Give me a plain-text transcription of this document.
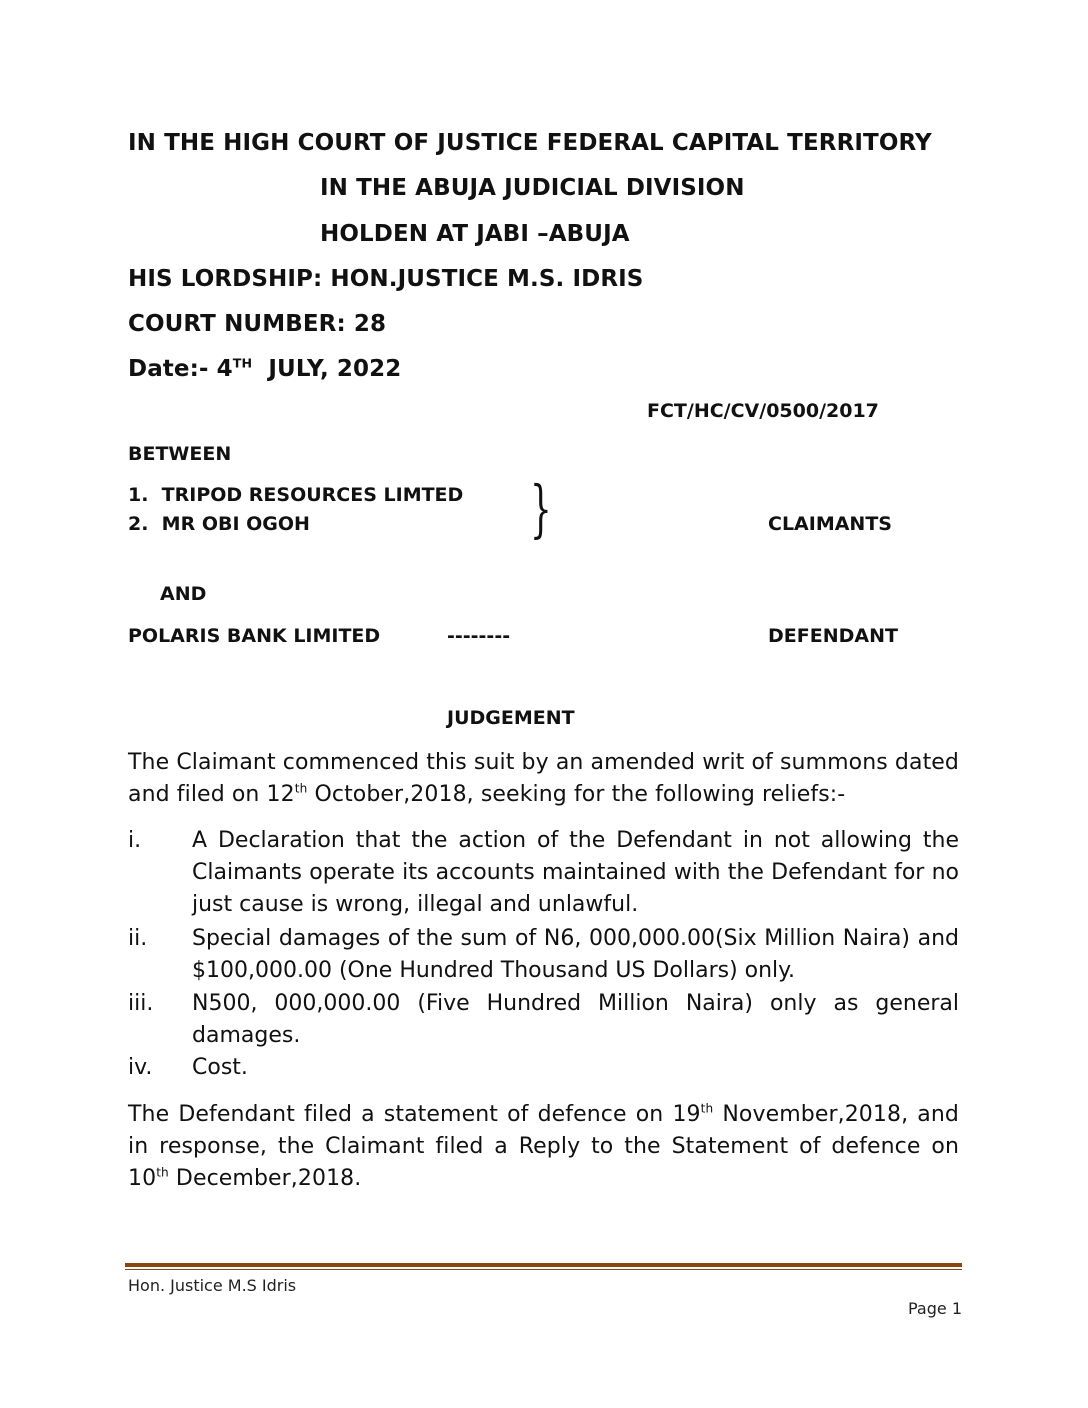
IN THE HIGH COURT OF JUSTICE FEDERAL CAPITAL TERRITORY
IN THE ABUJA JUDICIAL DIVISION
HOLDEN AT JABI –ABUJA
HIS LORDSHIP: HON.JUSTICE M.S. IDRIS
COURT NUMBER: 28
Date:- 4TH JULY, 2022
FCT/HC/CV/0500/2017
BETWEEN
1.  TRIPOD RESOURCES LIMTED
2.  MR OBI OGOH	}	CLAIMANTS
AND
POLARIS BANK LIMITED	--------	DEFENDANT
JUDGEMENT
The Claimant commenced this suit by an amended writ of summons dated and filed on 12th October,2018, seeking for the following reliefs:-
i. A Declaration that the action of the Defendant in not allowing the Claimants operate its accounts maintained with the Defendant for no just cause is wrong, illegal and unlawful.
ii. Special damages of the sum of N6, 000,000.00(Six Million Naira) and $100,000.00 (One Hundred Thousand US Dollars) only.
iii. N500, 000,000.00 (Five Hundred Million Naira) only as general damages.
iv. Cost.
The Defendant filed a statement of defence on 19th November,2018, and in response, the Claimant filed a Reply to the Statement of defence on 10th December,2018.
Hon. Justice M.S Idris
Page 1
